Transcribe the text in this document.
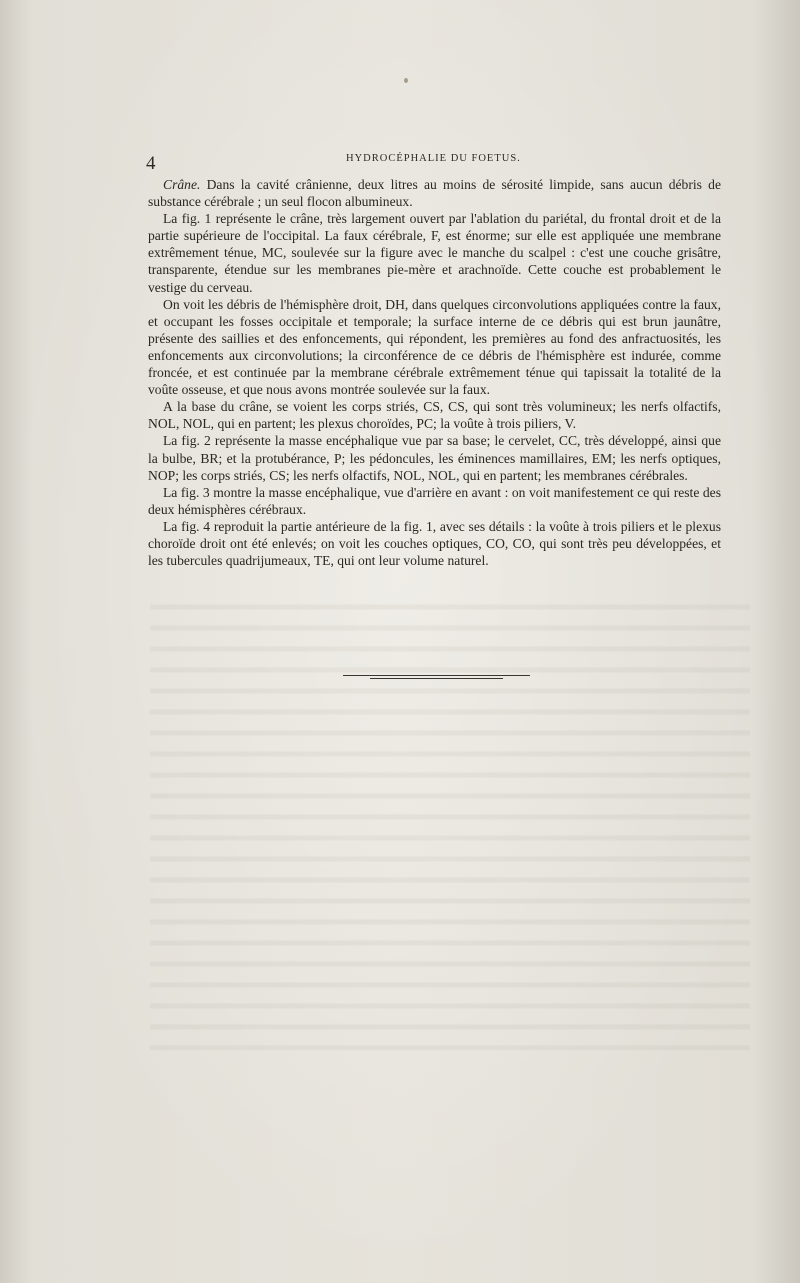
4	HYDROCÉPHALIE DU FOETUS.

Crâne. Dans la cavité crânienne, deux litres au moins de sérosité limpide, sans aucun débris de substance cérébrale ; un seul flocon albumineux.

La fig. 1 représente le crâne, très largement ouvert par l'ablation du pariétal, du frontal droit et de la partie supérieure de l'occipital. La faux cérébrale, F, est énorme; sur elle est appliquée une membrane extrêmement ténue, MC, soulevée sur la figure avec le manche du scalpel : c'est une couche grisâtre, transparente, étendue sur les membranes pie-mère et arachnoïde. Cette couche est probablement le vestige du cerveau.

On voit les débris de l'hémisphère droit, DH, dans quelques circonvolutions appliquées contre la faux, et occupant les fosses occipitale et temporale; la surface interne de ce débris qui est brun jaunâtre, présente des saillies et des enfoncements, qui répondent, les premières au fond des anfractuosités, les enfoncements aux circonvolutions; la circonférence de ce débris de l'hémisphère est indurée, comme froncée, et est continuée par la membrane cérébrale extrêmement ténue qui tapissait la totalité de la voûte osseuse, et que nous avons montrée soulevée sur la faux.

A la base du crâne, se voient les corps striés, CS, CS, qui sont très volumineux; les nerfs olfactifs, NOL, NOL, qui en partent; les plexus choroïdes, PC; la voûte à trois piliers, V.

La fig. 2 représente la masse encéphalique vue par sa base; le cervelet, CC, très développé, ainsi que la bulbe, BR; et la protubérance, P; les pédoncules, les éminences mamillaires, EM; les nerfs optiques, NOP; les corps striés, CS; les nerfs olfactifs, NOL, NOL, qui en partent; les membranes cérébrales.

La fig. 3 montre la masse encéphalique, vue d'arrière en avant : on voit manifestement ce qui reste des deux hémisphères cérébraux.

La fig. 4 reproduit la partie antérieure de la fig. 1, avec ses détails : la voûte à trois piliers et le plexus choroïde droit ont été enlevés; on voit les couches optiques, CO, CO, qui sont très peu développées, et les tubercules quadrijumeaux, TE, qui ont leur volume naturel.
